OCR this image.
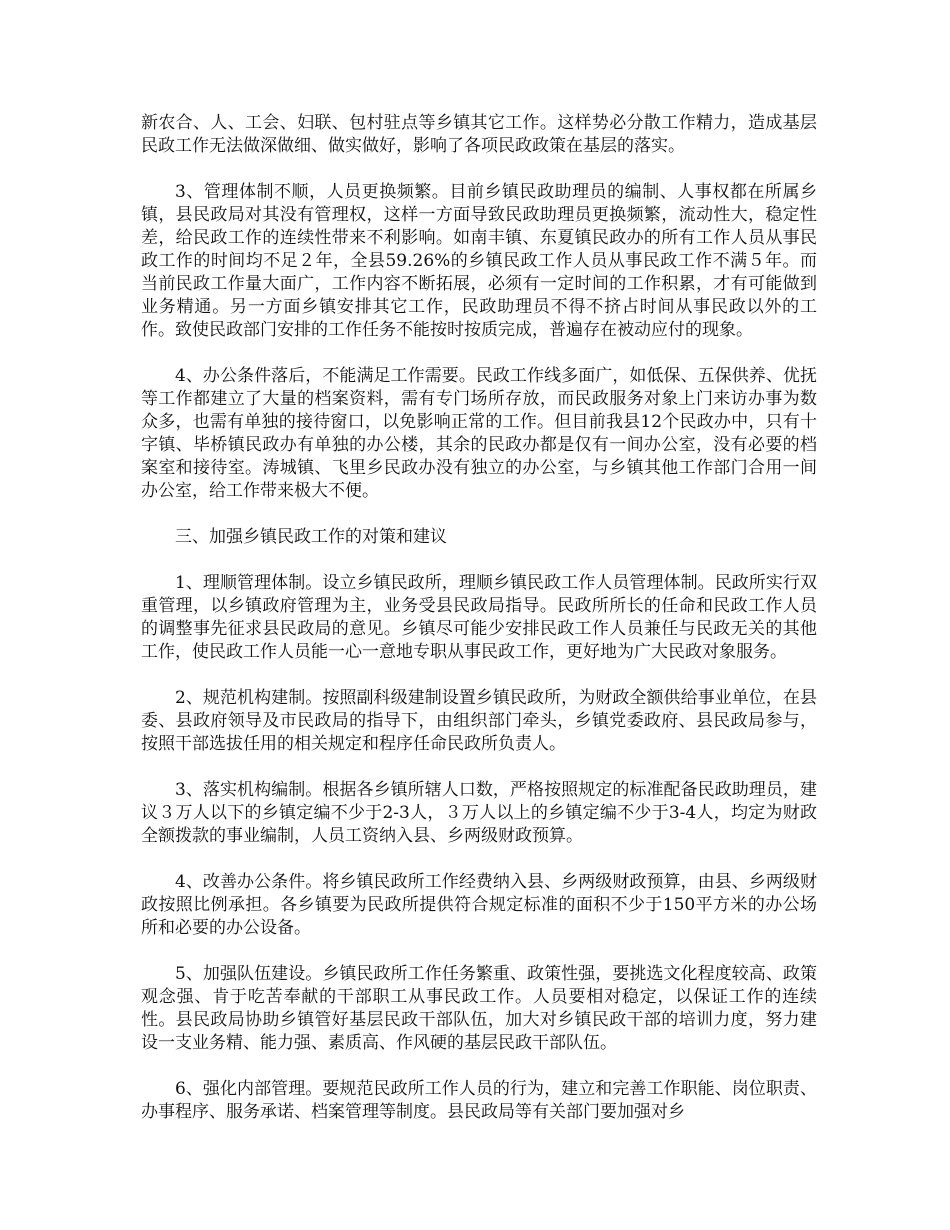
新农合、人、工会、妇联、包村驻点等乡镇其它工作。这样势必分散工作精力，造成基层民政工作无法做深做细、做实做好，影响了各项民政政策在基层的落实。

3、管理体制不顺，人员更换频繁。目前乡镇民政助理员的编制、人事权都在所属乡镇，县民政局对其没有管理权，这样一方面导致民政助理员更换频繁，流动性大，稳定性差，给民政工作的连续性带来不利影响。如南丰镇、东夏镇民政办的所有工作人员从事民政工作的时间均不足２年，全县59.26%的乡镇民政工作人员从事民政工作不满５年。而当前民政工作量大面广，工作内容不断拓展，必须有一定时间的工作积累，才有可能做到业务精通。另一方面乡镇安排其它工作，民政助理员不得不挤占时间从事民政以外的工作。致使民政部门安排的工作任务不能按时按质完成，普遍存在被动应付的现象。

4、办公条件落后，不能满足工作需要。民政工作线多面广，如低保、五保供养、优抚等工作都建立了大量的档案资料，需有专门场所存放，而民政服务对象上门来访办事为数众多，也需有单独的接待窗口，以免影响正常的工作。但目前我县12个民政办中，只有十字镇、毕桥镇民政办有单独的办公楼，其余的民政办都是仅有一间办公室，没有必要的档案室和接待室。涛城镇、飞里乡民政办没有独立的办公室，与乡镇其他工作部门合用一间办公室，给工作带来极大不便。

三、加强乡镇民政工作的对策和建议

1、理顺管理体制。设立乡镇民政所，理顺乡镇民政工作人员管理体制。民政所实行双重管理，以乡镇政府管理为主，业务受县民政局指导。民政所所长的任命和民政工作人员的调整事先征求县民政局的意见。乡镇尽可能少安排民政工作人员兼任与民政无关的其他工作，使民政工作人员能一心一意地专职从事民政工作，更好地为广大民政对象服务。

2、规范机构建制。按照副科级建制设置乡镇民政所，为财政全额供给事业单位，在县委、县政府领导及市民政局的指导下，由组织部门牵头，乡镇党委政府、县民政局参与，按照干部选拔任用的相关规定和程序任命民政所负责人。

3、落实机构编制。根据各乡镇所辖人口数，严格按照规定的标准配备民政助理员，建议３万人以下的乡镇定编不少于2-3人，３万人以上的乡镇定编不少于3-4人，均定为财政全额拨款的事业编制，人员工资纳入县、乡两级财政预算。

4、改善办公条件。将乡镇民政所工作经费纳入县、乡两级财政预算，由县、乡两级财政按照比例承担。各乡镇要为民政所提供符合规定标准的面积不少于150平方米的办公场所和必要的办公设备。

5、加强队伍建设。乡镇民政所工作任务繁重、政策性强，要挑选文化程度较高、政策观念强、肯于吃苦奉献的干部职工从事民政工作。人员要相对稳定，以保证工作的连续性。县民政局协助乡镇管好基层民政干部队伍，加大对乡镇民政干部的培训力度，努力建设一支业务精、能力强、素质高、作风硬的基层民政干部队伍。

6、强化内部管理。要规范民政所工作人员的行为，建立和完善工作职能、岗位职责、办事程序、服务承诺、档案管理等制度。县民政局等有关部门要加强对乡
